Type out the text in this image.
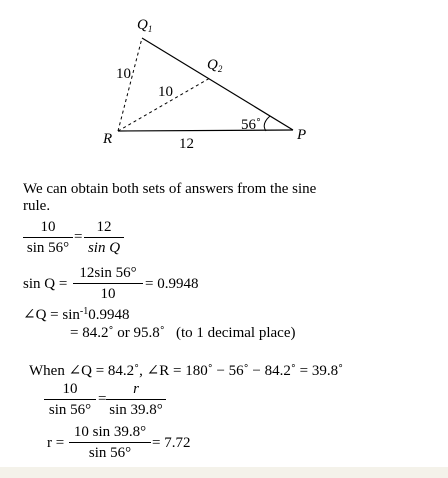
$Q_1$
$Q_2$
R	P
10
10
12
56˚
We can obtain both sets of answers from the sine
rule.
10
sin 56°
=
12
sin Q
sin Q =
12sin 56°
10
= 0.9948
∠Q = $\sin^{-1}0.9948$
= 84.2˚ or 95.8˚   (to 1 decimal place)
When ∠Q = 84.2˚, ∠R = 180˚ − 56˚ − 84.2˚ = 39.8˚
10
sin 56°
=
r
sin 39.8°
r =
10 sin 39.8°
sin 56°
= 7.72
